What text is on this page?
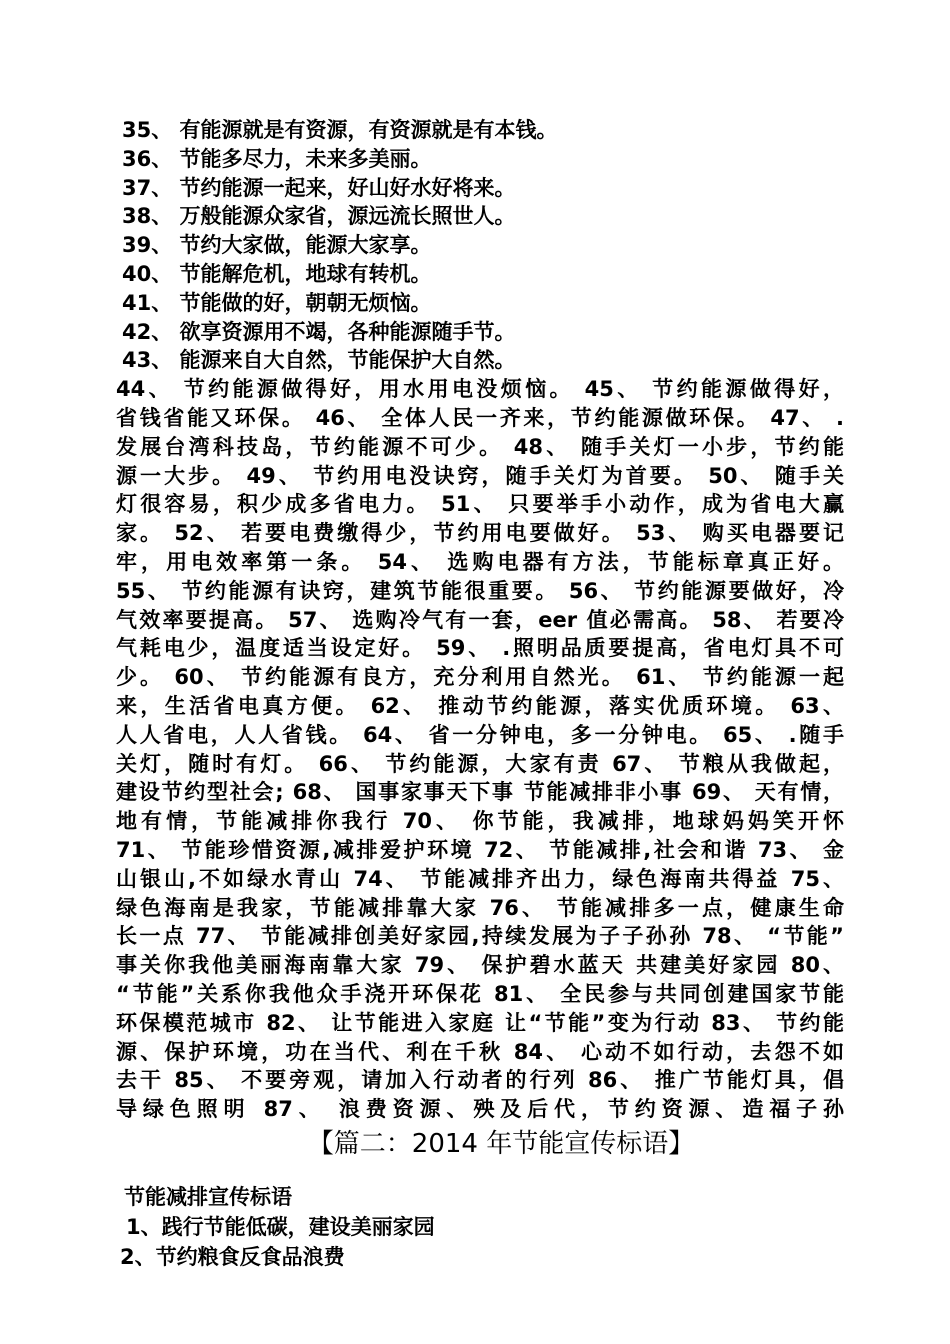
35、 有能源就是有资源，有资源就是有本钱。
36、 节能多尽力，未来多美丽。
37、 节约能源一起来，好山好水好将来。
38、 万般能源众家省，源远流长照世人。
39、 节约大家做，能源大家享。
40、 节能解危机，地球有转机。
41、 节能做的好，朝朝无烦恼。
42、 欲享资源用不竭，各种能源随手节。
43、 能源来自大自然，节能保护大自然。
44、 节约能源做得好，用水用电没烦恼。 45、 节约能源做得好，
省钱省能又环保。 46、 全体人民一齐来，节约能源做环保。 47、 .
发展台湾科技岛，节约能源不可少。 48、 随手关灯一小步，节约能
源一大步。 49、 节约用电没诀窍，随手关灯为首要。 50、 随手关
灯很容易，积少成多省电力。 51、 只要举手小动作，成为省电大赢
家。 52、 若要电费缴得少，节约用电要做好。 53、 购买电器要记
牢，用电效率第一条。 54、 选购电器有方法，节能标章真正好。
55、 节约能源有诀窍，建筑节能很重要。 56、 节约能源要做好，冷
气效率要提高。 57、 选购冷气有一套，eer 值必需高。 58、 若要冷
气耗电少，温度适当设定好。 59、 .照明品质要提高，省电灯具不可
少。 60、 节约能源有良方，充分利用自然光。 61、 节约能源一起
来，生活省电真方便。 62、 推动节约能源，落实优质环境。 63、
人人省电，人人省钱。 64、 省一分钟电，多一分钟电。 65、 .随手
关灯，随时有灯。 66、 节约能源，大家有责 67、 节粮从我做起，
建设节约型社会; 68、 国事家事天下事 节能减排非小事 69、 天有情，
地有情，节能减排你我行 70、 你节能，我减排，地球妈妈笑开怀
71、 节能珍惜资源,减排爱护环境 72、 节能减排,社会和谐 73、 金
山银山,不如绿水青山 74、 节能减排齐出力，绿色海南共得益 75、
绿色海南是我家，节能减排靠大家 76、 节能减排多一点，健康生命
长一点 77、 节能减排创美好家园,持续发展为子子孙孙 78、 “节能”
事关你我他美丽海南靠大家 79、 保护碧水蓝天 共建美好家园 80、
“节能”关系你我他众手浇开环保花 81、 全民参与共同创建国家节能
环保模范城市 82、 让节能进入家庭 让“节能”变为行动 83、 节约能
源、保护环境，功在当代、利在千秋 84、 心动不如行动，去怨不如
去干 85、 不要旁观，请加入行动者的行列 86、 推广节能灯具，倡
导绿色照明 87、 浪费资源、殃及后代，节约资源、造福子孙
【篇二：2014 年节能宣传标语】
节能减排宣传标语
1、践行节能低碳，建设美丽家园
2、节约粮食反食品浪费
